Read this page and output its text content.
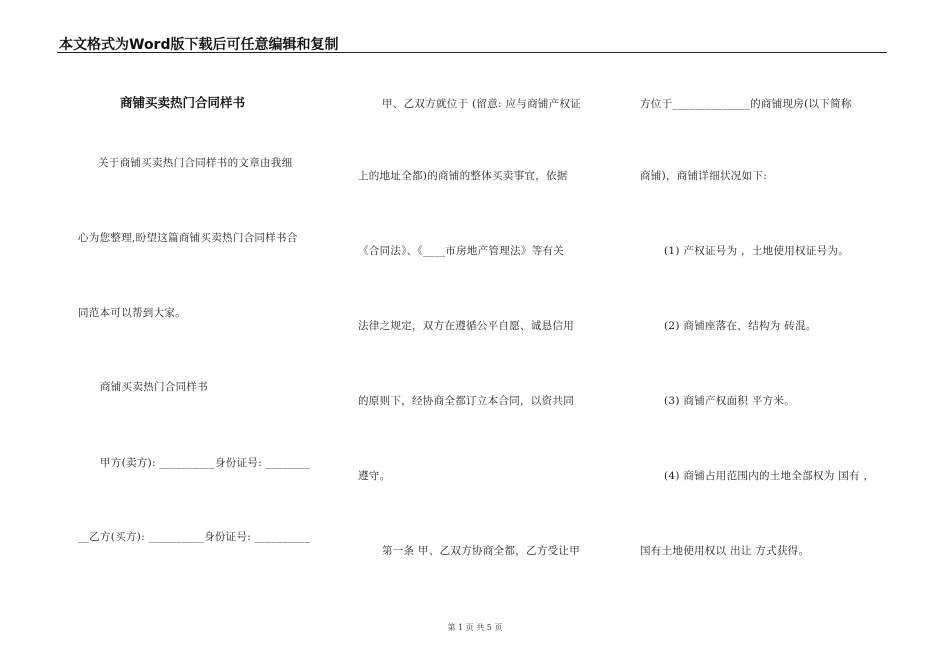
本文格式为Word版下载后可任意编辑和复制
商铺买卖热门合同样书
关于商铺买卖热门合同样书的文章由我细
心为您整理,盼望这篇商铺买卖热门合同样书合
同范本可以帮到大家。
商铺买卖热门合同样书
甲方(卖方): __________身份证号: ________
__乙方(买方): __________身份证号: __________
甲、乙双方就位于 (留意: 应与商铺产权证
上的地址全都)的商铺的整体买卖事宜，依据
《合同法》、《____市房地产管理法》等有关
法律之规定，双方在遵循公平自愿、诚恳信用
的原则下，经协商全都订立本合同，以资共同
遵守。
第一条 甲、乙双方协商全都，乙方受让甲
方位于______________的商铺现房(以下简称
商铺)，商铺详细状况如下:
(1) 产权证号为 ，土地使用权证号为。
(2) 商铺座落在，结构为 砖混。
(3) 商铺产权面积 平方米。
(4) 商铺占用范围内的土地全部权为 国有 ，
国有土地使用权以 出让 方式获得。
第 1 页 共 5 页
